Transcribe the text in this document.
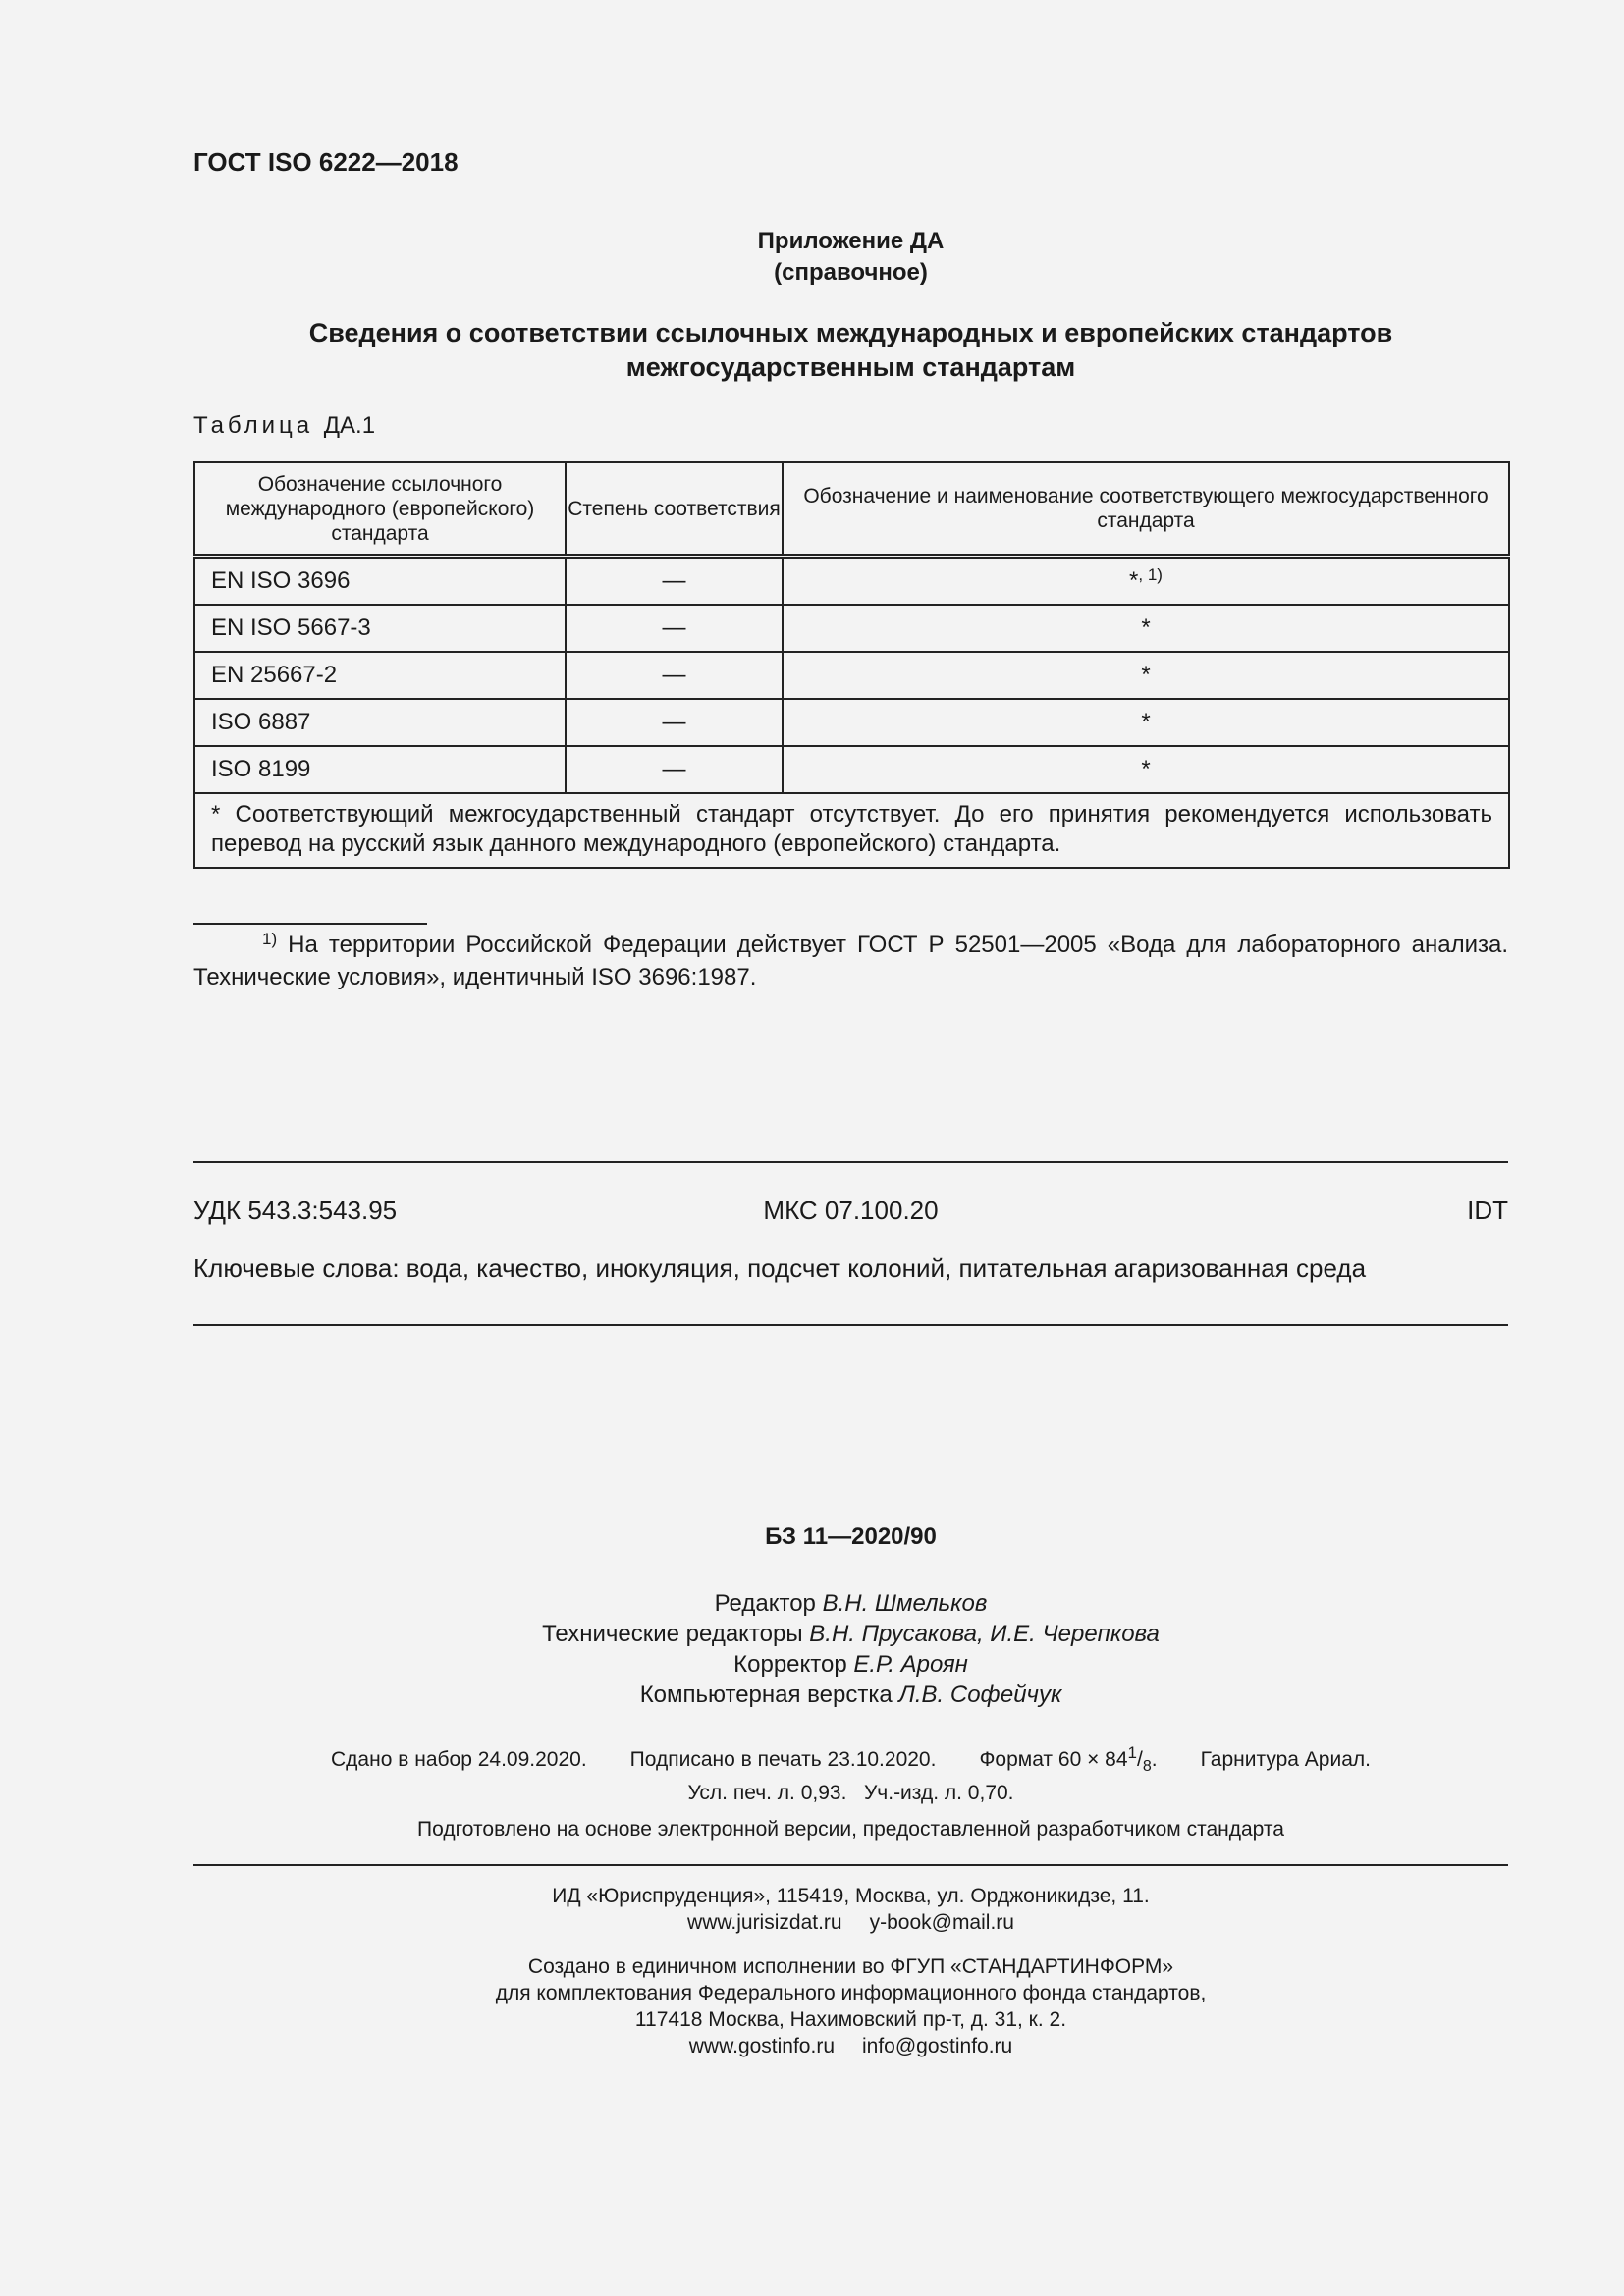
ГОСТ ISO 6222—2018
Приложение ДА
(справочное)
Сведения о соответствии ссылочных международных и европейских стандартов
межгосударственным стандартам
Таблица ДА.1
Обозначение ссылочного международного (европейского) стандарта	Степень соответствия	Обозначение и наименование соответствующего межгосударственного стандарта
EN ISO 3696	—	*$^{, 1)}$
EN ISO 5667-3	—	*
EN 25667-2	—	*
ISO 6887	—	*
ISO 8199	—	*
* Соответствующий межгосударственный стандарт отсутствует. До его принятия рекомендуется использовать перевод на русский язык данного международного (европейского) стандарта.		
$^{1)}$ На территории Российской Федерации действует ГОСТ Р 52501—2005 «Вода для лабораторного анализа. Технические условия», идентичный ISO 3696:1987.
УДК 543.3:543.95	МКС 07.100.20	IDT
Ключевые слова: вода, качество, инокуляция, подсчет колоний, питательная агаризованная среда
БЗ 11—2020/90
Редактор В.Н. Шмельков
Технические редакторы В.Н. Прусакова, И.Е. Черепкова
Корректор Е.Р. Ароян
Компьютерная верстка Л.В. Софейчук
Сдано в набор 24.09.2020. Подписано в печать 23.10.2020. Формат $60 \times 84^1/_8$. Гарнитура Ариал.
Усл. печ. л. 0,93. Уч.-изд. л. 0,70.
Подготовлено на основе электронной версии, предоставленной разработчиком стандарта
ИД «Юриспруденция», 115419, Москва, ул. Орджоникидзе, 11.
www.jurisizdat.ru y-book@mail.ru
Создано в единичном исполнении во ФГУП «СТАНДАРТИНФОРМ»
для комплектования Федерального информационного фонда стандартов,
117418 Москва, Нахимовский пр-т, д. 31, к. 2.
www.gostinfo.ru info@gostinfo.ru
